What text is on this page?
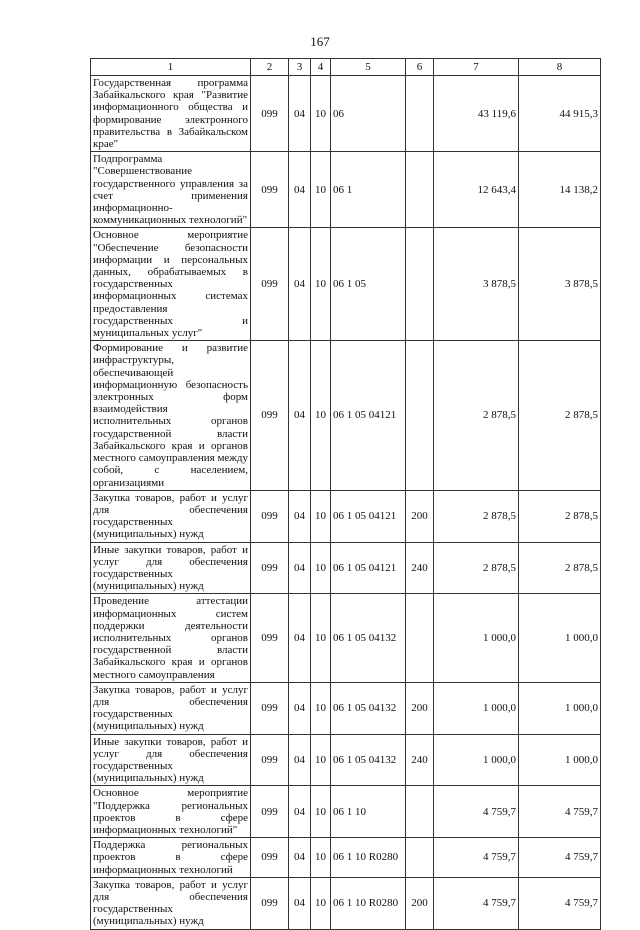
167
1	2	3	4	5	6	7	8
Государственная программа Забайкальского края "Развитие информационного общества и формирование электронного правительства в Забайкальском крае"	099	04	10	06		43 119,6	44 915,3
Подпрограмма "Совершенствование государственного управления за счет применения информационно-коммуникационных технологий"	099	04	10	06 1		12 643,4	14 138,2
Основное мероприятие "Обеспечение безопасности информации и персональных данных, обрабатываемых в государственных информационных системах предоставления государственных и муниципальных услуг"	099	04	10	06 1 05		3 878,5	3 878,5
Формирование и развитие инфраструктуры, обеспечивающей информационную безопасность электронных форм взаимодействия исполнительных органов государственной власти Забайкальского края и органов местного самоуправления между собой, с населением, организациями	099	04	10	06 1 05 04121		2 878,5	2 878,5
Закупка товаров, работ и услуг для обеспечения государственных (муниципальных) нужд	099	04	10	06 1 05 04121	200	2 878,5	2 878,5
Иные закупки товаров, работ и услуг для обеспечения государственных (муниципальных) нужд	099	04	10	06 1 05 04121	240	2 878,5	2 878,5
Проведение аттестации информационных систем поддержки деятельности исполнительных органов государственной власти Забайкальского края и органов местного самоуправления	099	04	10	06 1 05 04132		1 000,0	1 000,0
Закупка товаров, работ и услуг для обеспечения государственных (муниципальных) нужд	099	04	10	06 1 05 04132	200	1 000,0	1 000,0
Иные закупки товаров, работ и услуг для обеспечения государственных (муниципальных) нужд	099	04	10	06 1 05 04132	240	1 000,0	1 000,0
Основное мероприятие "Поддержка региональных проектов в сфере информационных технологий"	099	04	10	06 1 10		4 759,7	4 759,7
Поддержка региональных проектов в сфере информационных технологий	099	04	10	06 1 10 R0280		4 759,7	4 759,7
Закупка товаров, работ и услуг для обеспечения государственных (муниципальных) нужд	099	04	10	06 1 10 R0280	200	4 759,7	4 759,7
